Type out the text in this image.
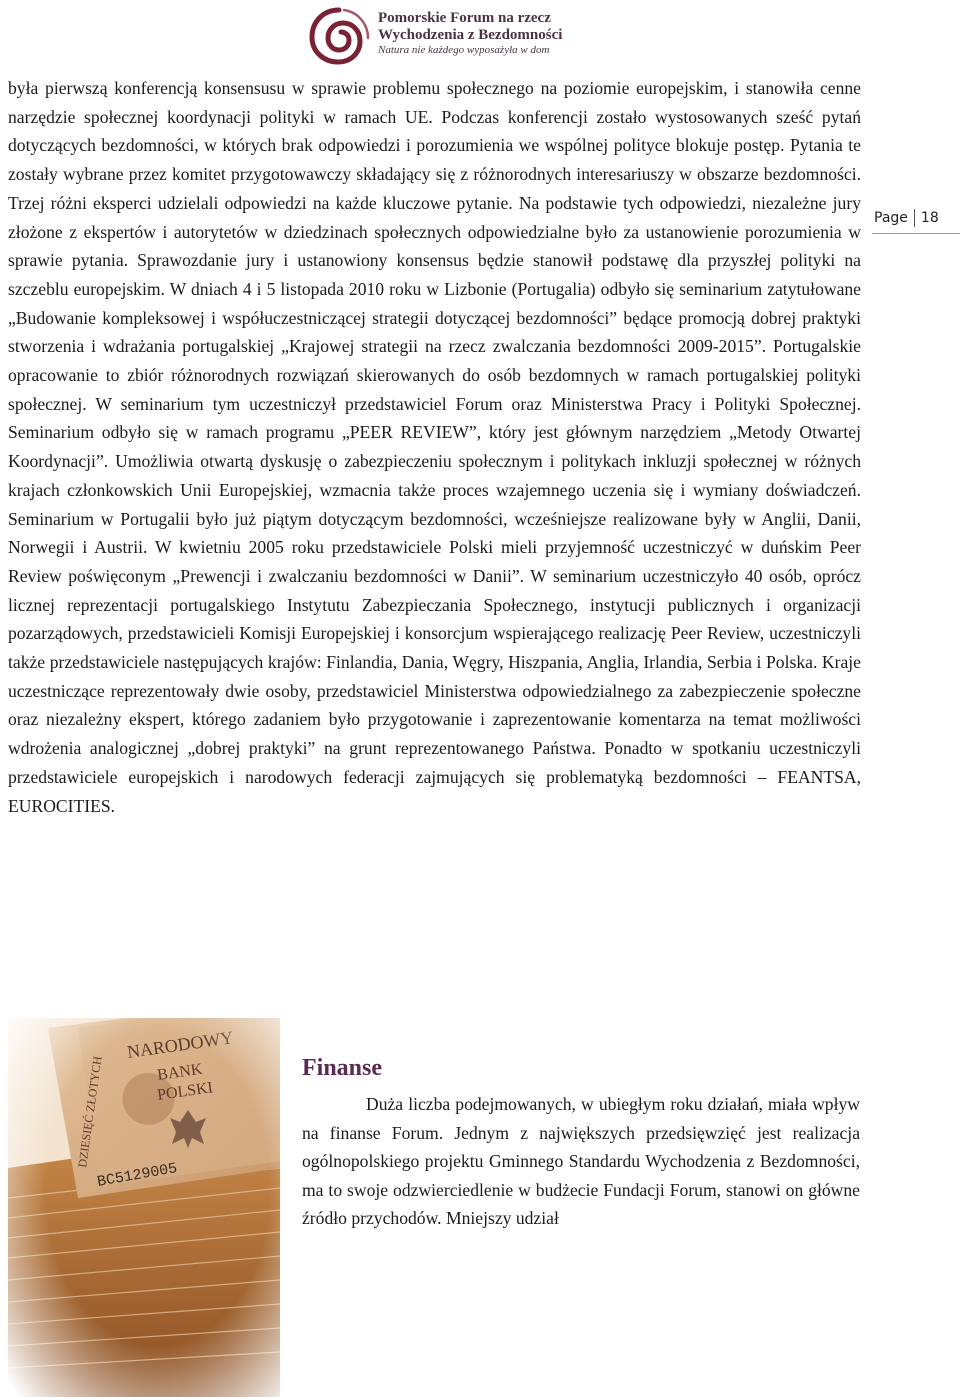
Pomorskie Forum na rzecz
Wychodzenia z Bezdomności
Natura nie każdego wyposażyła w dom
Page 18

była pierwszą konferencją konsensusu w sprawie problemu społecznego na poziomie europejskim, i stanowiła cenne narzędzie społecznej koordynacji polityki w ramach UE. Podczas konferencji zostało wystosowanych sześć pytań dotyczących bezdomności, w których brak odpowiedzi i porozumienia we wspólnej polityce blokuje postęp. Pytania te zostały wybrane przez komitet przygotowawczy składający się z różnorodnych interesariuszy w obszarze bezdomności. Trzej różni eksperci udzielali odpowiedzi na każde kluczowe pytanie. Na podstawie tych odpowiedzi, niezależne jury złożone z ekspertów i autorytetów w dziedzinach społecznych odpowiedzialne było za ustanowienie porozumienia w sprawie pytania. Sprawozdanie jury i ustanowiony konsensus będzie stanowił podstawę dla przyszłej polityki na szczeblu europejskim. W dniach 4 i 5 listopada 2010 roku w Lizbonie (Portugalia) odbyło się seminarium zatytułowane „Budowanie kompleksowej i współuczestniczącej strategii dotyczącej bezdomności” będące promocją dobrej praktyki stworzenia i wdrażania portugalskiej „Krajowej strategii na rzecz zwalczania bezdomności 2009-2015”. Portugalskie opracowanie to zbiór różnorodnych rozwiązań skierowanych do osób bezdomnych w ramach portugalskiej polityki społecznej. W seminarium tym uczestniczył przedstawiciel Forum oraz Ministerstwa Pracy i Polityki Społecznej. Seminarium odbyło się w ramach programu „PEER REVIEW”, który jest głównym narzędziem „Metody Otwartej Koordynacji”. Umożliwia otwartą dyskusję o zabezpieczeniu społecznym i politykach inkluzji społecznej w różnych krajach członkowskich Unii Europejskiej, wzmacnia także proces wzajemnego uczenia się i wymiany doświadczeń. Seminarium w Portugalii było już piątym dotyczącym bezdomności, wcześniejsze realizowane były w Anglii, Danii, Norwegii i Austrii. W kwietniu 2005 roku przedstawiciele Polski mieli przyjemność uczestniczyć w duńskim Peer Review poświęconym „Prewencji i zwalczaniu bezdomności w Danii”. W seminarium uczestniczyło 40 osób, oprócz licznej reprezentacji portugalskiego Instytutu Zabezpieczania Społecznego, instytucji publicznych i organizacji pozarządowych, przedstawicieli Komisji Europejskiej i konsorcjum wspierającego realizację Peer Review, uczestniczyli także przedstawiciele następujących krajów: Finlandia, Dania, Węgry, Hiszpania, Anglia, Irlandia, Serbia i Polska. Kraje uczestniczące reprezentowały dwie osoby, przedstawiciel Ministerstwa odpowiedzialnego za zabezpieczenie społeczne oraz niezależny ekspert, którego zadaniem było przygotowanie i zaprezentowanie komentarza na temat możliwości wdrożenia analogicznej „dobrej praktyki” na grunt reprezentowanego Państwa. Ponadto w spotkaniu uczestniczyli przedstawiciele europejskich i narodowych federacji zajmujących się problematyką bezdomności – FEANTSA, EUROCITIES.

Finanse

Duża liczba podejmowanych, w ubiegłym roku działań, miała wpływ na finanse Forum. Jednym z największych przedsięwzięć jest realizacja ogólnopolskiego projektu Gminnego Standardu Wychodzenia z Bezdomności, ma to swoje odzwierciedlenie w budżecie Fundacji Forum, stanowi on główne źródło przychodów. Mniejszy udział
